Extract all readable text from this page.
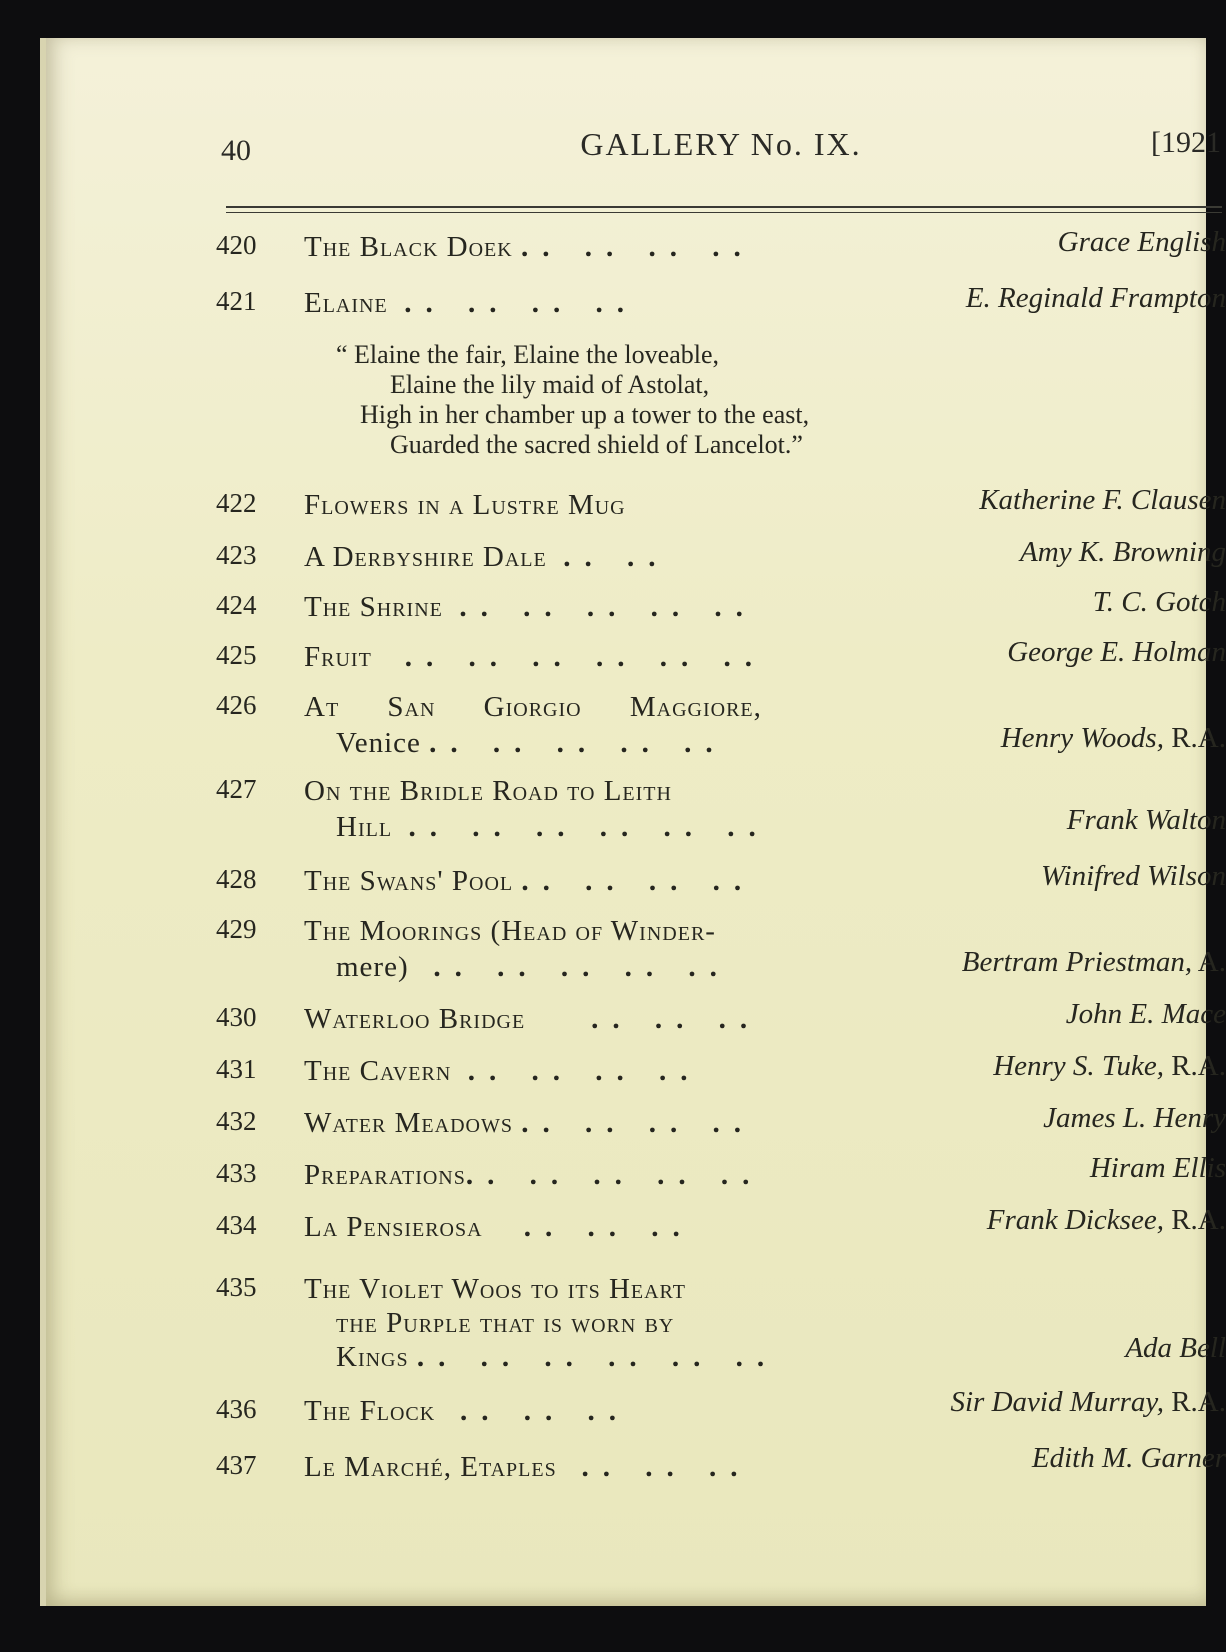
40	GALLERY No. IX.	[1921
420	The Black Doek .. .. .. ..	Grace English
421	Elaine .. .. .. ..	E. Reginald Frampton
“ Elaine the fair, Elaine the loveable,
Elaine the lily maid of Astolat,
High in her chamber up a tower to the east,
Guarded the sacred shield of Lancelot.”
422	Flowers in a Lustre Mug	Katherine F. Clausen
423	A Derbyshire Dale .. ..	Amy K. Browning
424	The Shrine .. .. .. .. ..	T. C. Gotch
425	Fruit .. .. .. .. .. ..	George E. Holman
426	At San Giorgio Maggiore,
Venice .. .. .. .. ..	Henry Woods, R.A.
427	On the Bridle Road to Leith
Hill .. .. .. .. .. ..	Frank Walton
428	The Swans' Pool .. .. .. ..	Winifred Wilson
429	The Moorings (Head of Winder-
mere) .. .. .. .. ..	Bertram Priestman, A.
430	Waterloo Bridge .. .. ..	John E. Mace
431	The Cavern .. .. .. ..	Henry S. Tuke, R.A.
432	Water Meadows .. .. .. ..	James L. Henry
433	Preparations.. .. .. .. ..	Hiram Ellis
434	La Pensierosa .. .. ..	Frank Dicksee, R.A.
435	The Violet Woos to its Heart
the Purple that is worn by
Kings .. .. .. .. .. ..	Ada Bell
436	The Flock .. .. ..	Sir David Murray, R.A.
437	Le Marché, Etaples .. .. ..	Edith M. Garner
